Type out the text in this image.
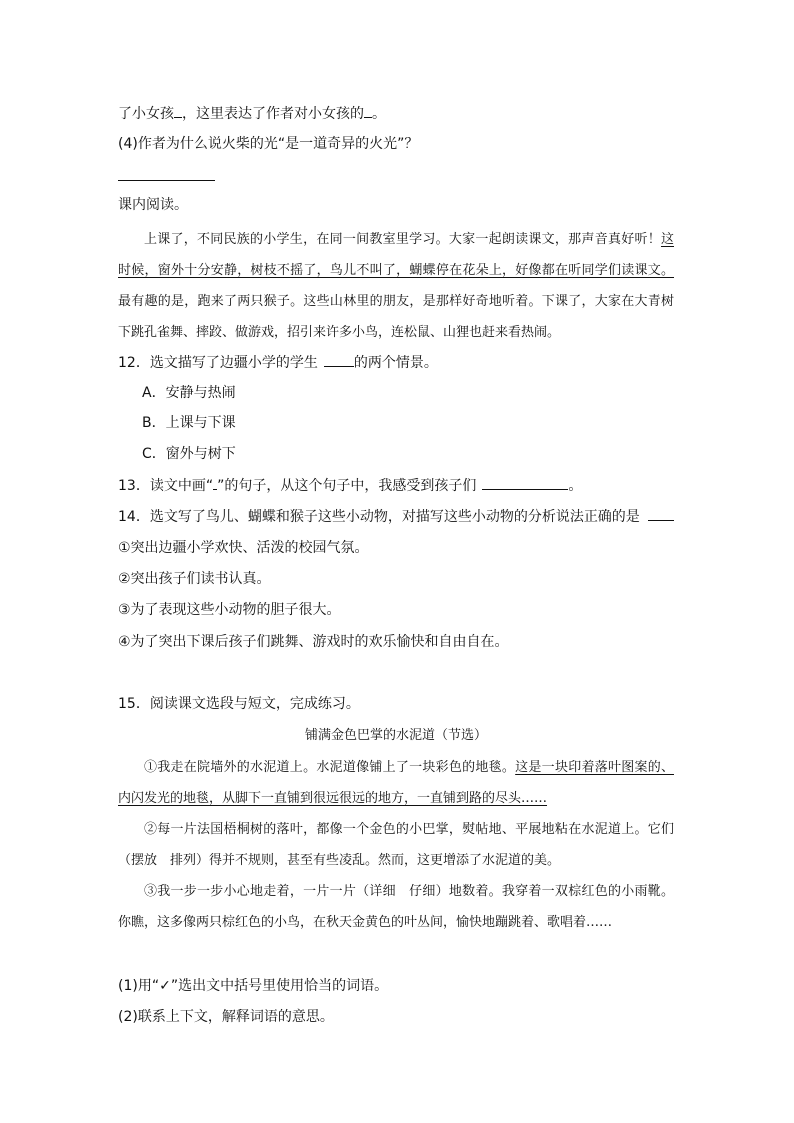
了小女孩 ，这里表达了作者对小女孩的 。
(4)作者为什么说火柴的光“是一道奇异的火光”？
课内阅读。

上课了，不同民族的小学生，在同一间教室里学习。大家一起朗读课文，那声音真好听！这时候，窗外十分安静，树枝不摇了，鸟儿不叫了，蝴蝶停在花朵上，好像都在听同学们读课文。最有趣的是，跑来了两只猴子。这些山林里的朋友，是那样好奇地听着。下课了，大家在大青树下跳孔雀舞、摔跤、做游戏，招引来许多小鸟，连松鼠、山狸也赶来看热闹。

12．选文描写了边疆小学的学生	的两个情景。
A．安静与热闹
B．上课与下课
C．窗外与树下
13．读文中画“ ”的句子，从这个句子中，我感受到孩子们	。
14．选文写了鸟儿、蝴蝶和猴子这些小动物，对描写这些小动物的分析说法正确的是
①突出边疆小学欢快、活泼的校园气氛。
②突出孩子们读书认真。
③为了表现这些小动物的胆子很大。
④为了突出下课后孩子们跳舞、游戏时的欢乐愉快和自由自在。
15．阅读课文选段与短文，完成练习。
铺满金色巴掌的水泥道（节选）

①我走在院墙外的水泥道上。水泥道像铺上了一块彩色的地毯。这是一块印着落叶图案的、内闪发光的地毯，从脚下一直铺到很远很远的地方，一直铺到路的尽头……

②每一片法国梧桐树的落叶，都像一个金色的小巴掌，熨帖地、平展地粘在水泥道上。它们（摆放　排列）得并不规则，甚至有些凌乱。然而，这更增添了水泥道的美。

③我一步一步小心地走着，一片一片（详细　仔细）地数着。我穿着一双棕红色的小雨靴。你瞧，这多像两只棕红色的小鸟，在秋天金黄色的叶丛间，愉快地蹦跳着、歌唱着……

(1)用“✓”选出文中括号里使用恰当的词语。
(2)联系上下文，解释词语的意思。
